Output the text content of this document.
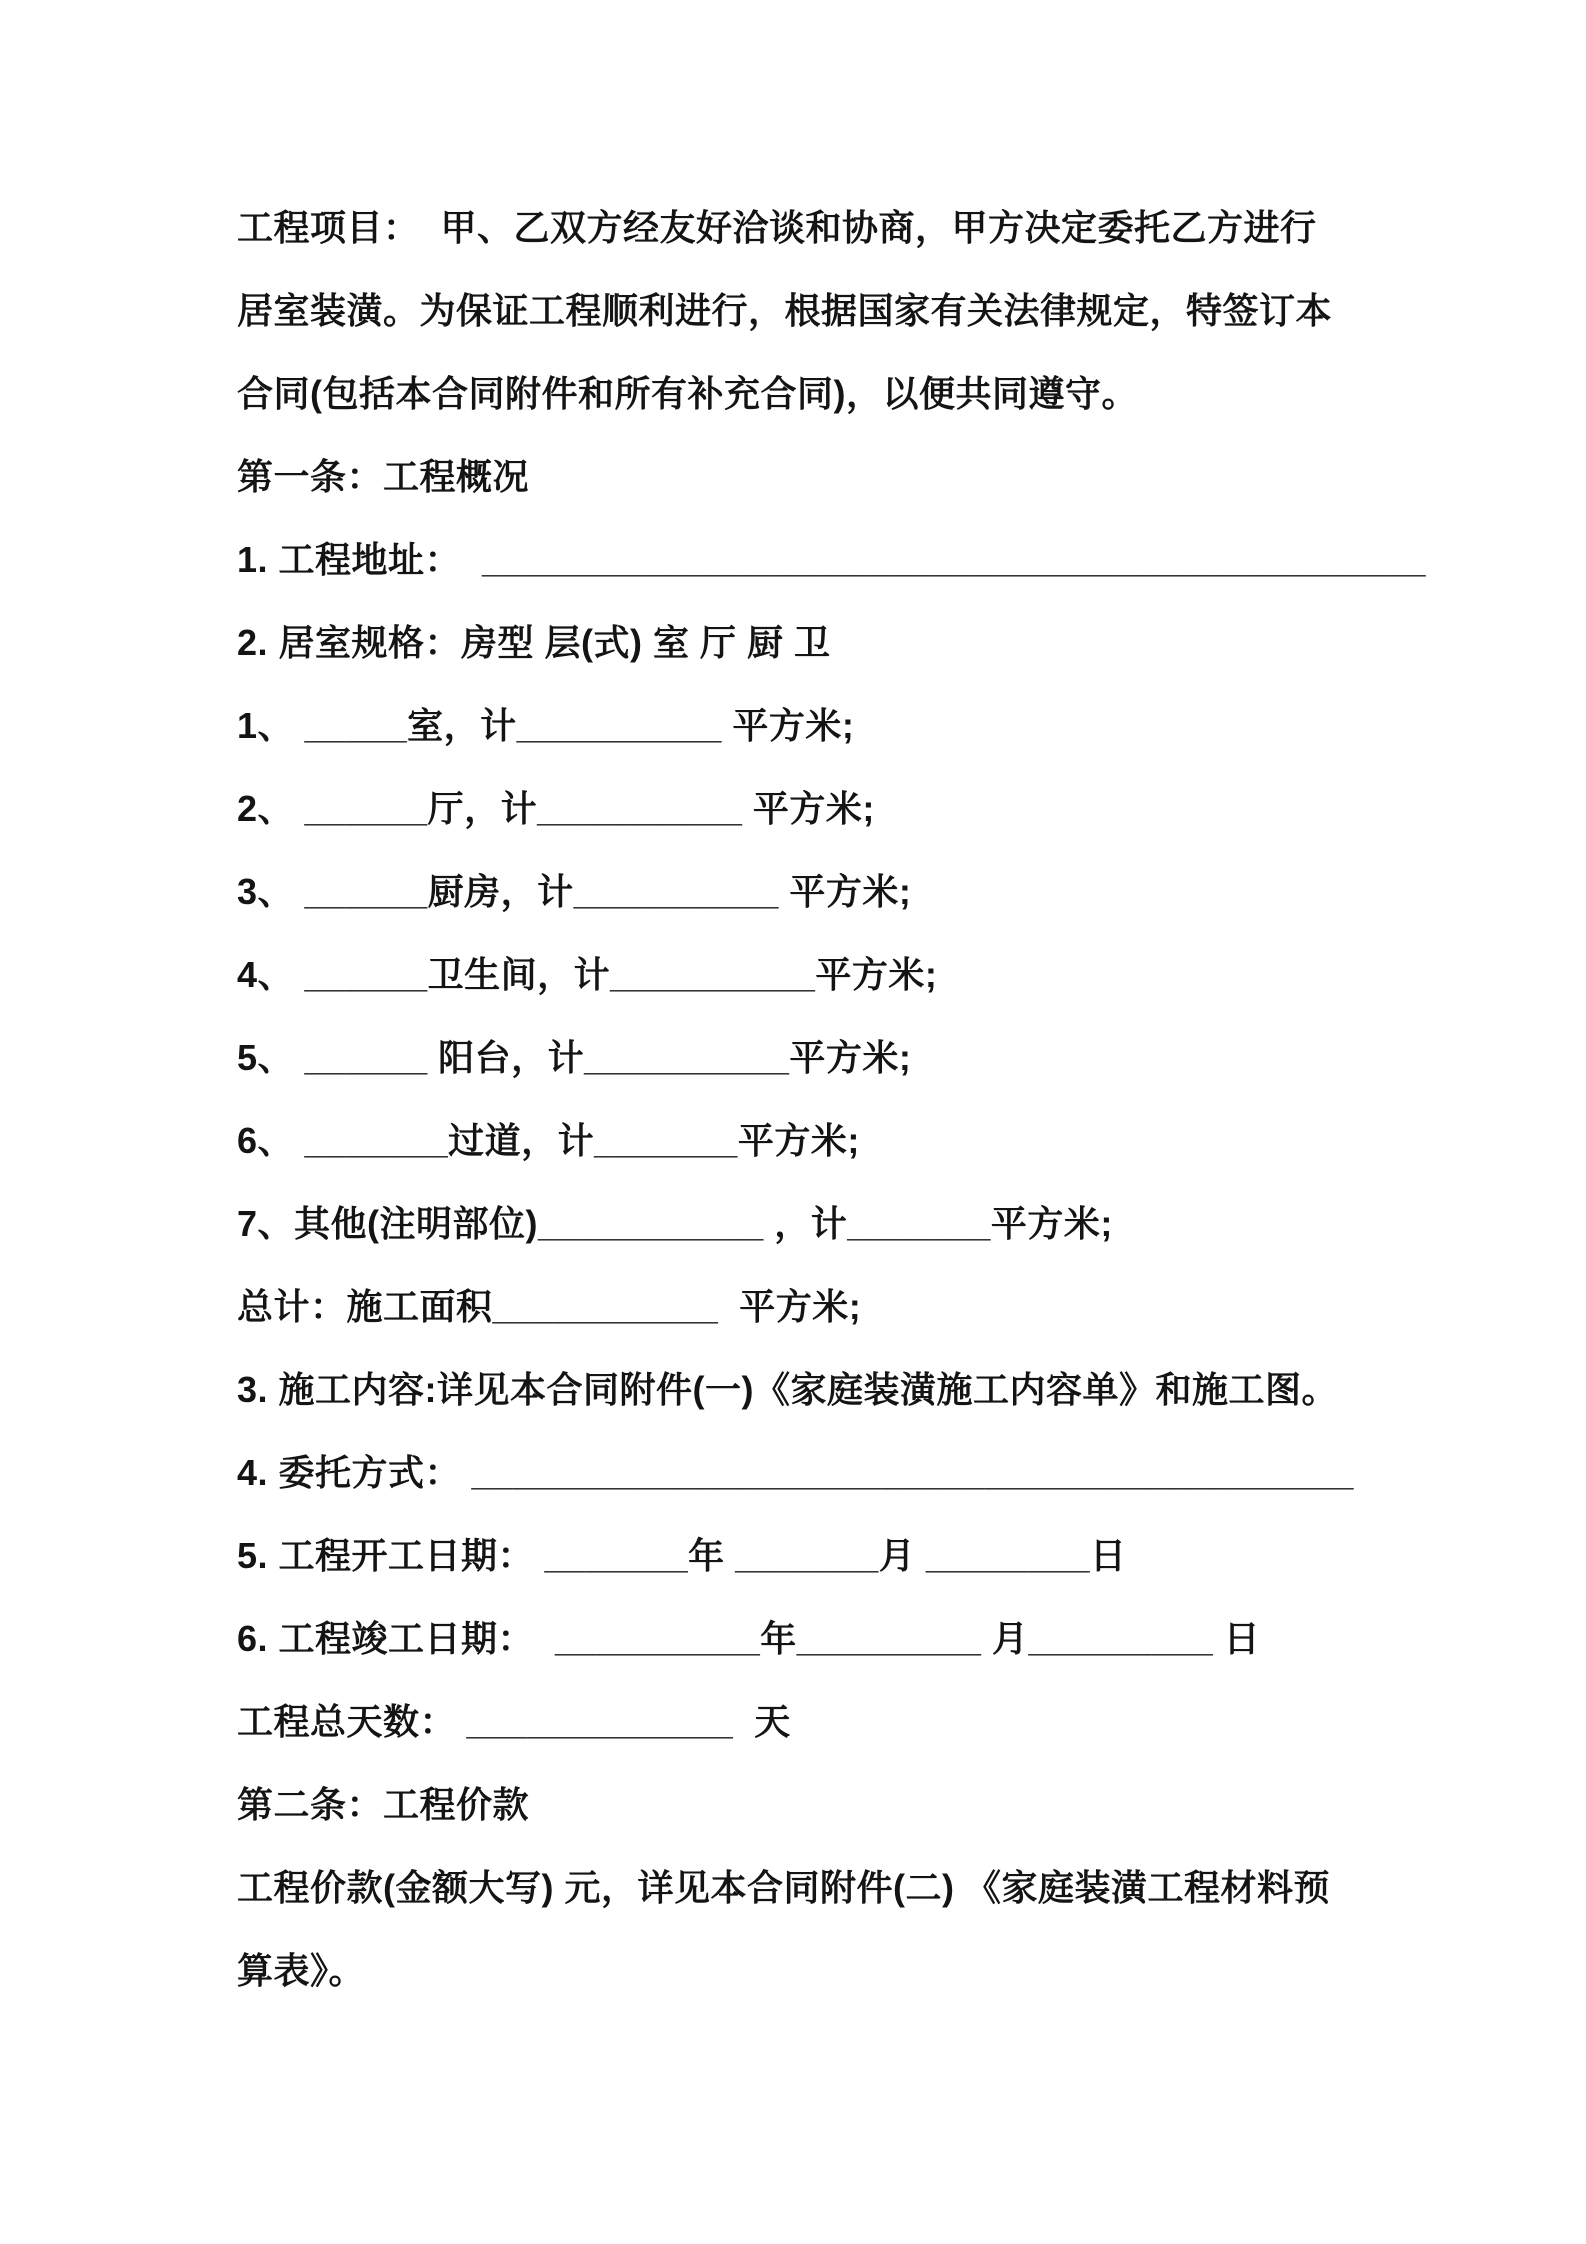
工程项目：  甲、乙双方经友好洽谈和协商，甲方决定委托乙方进行
居室装潢。为保证工程顺利进行，根据国家有关法律规定，特签订本
合同(包括本合同附件和所有补充合同)，以便共同遵守。
第一条：工程概况
1. 工程地址：  ______________________________________________
2. 居室规格：房型 层(式) 室 厅 厨 卫
1、 _____室，计__________ 平方米;
2、 ______厅，计__________ 平方米;
3、 ______厨房，计__________ 平方米;
4、 ______卫生间，计__________平方米;
5、 ______ 阳台，计__________平方米;
6、 _______过道，计_______平方米;
7、其他(注明部位)___________ ，计_______平方米;
总计：施工面积___________  平方米;
3. 施工内容:详见本合同附件(一)《家庭装潢施工内容单》和施工图。
4. 委托方式： ___________________________________________
5. 工程开工日期： _______年 _______月 ________日
6. 工程竣工日期：  __________年_________ 月_________ 日
工程总天数： _____________  天
第二条：工程价款
工程价款(金额大写) 元，详见本合同附件(二) 《家庭装潢工程材料预
算表》。
